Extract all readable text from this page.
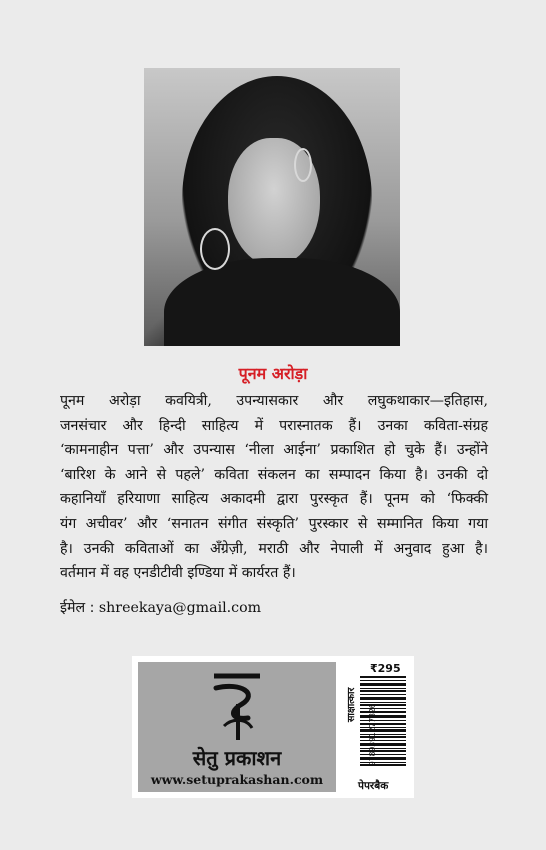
पूनम अरोड़ा
पूनम अरोड़ा कवयित्री, उपन्यासकार और लघुकथाकार—इतिहास,
जनसंचार और हिन्दी साहित्य में परास्नातक हैं। उनका कविता-संग्रह
‘कामनाहीन पत्ता’ और उपन्यास ‘नीला आईना’ प्रकाशित हो चुके हैं। उन्होंने
‘बारिश के आने से पहले’ कविता संकलन का सम्पादन किया है। उनकी दो
कहानियाँ हरियाणा साहित्य अकादमी द्वारा पुरस्कृत हैं। पूनम को ‘फिक्की
यंग अचीवर’ और ‘सनातन संगीत संस्कृति’ पुरस्कार से सम्मानित किया गया
है। उनकी कविताओं का अँग्रेज़ी, मराठी और नेपाली में अनुवाद हुआ है।
वर्तमान में वह एनडीटीवी इण्डिया में कार्यरत हैं।
ईमेल : shreekaya@gmail.com
सेतु प्रकाशन
www.setuprakashan.com
₹295
साक्षात्कार	9789391277826
पेपरबैक
